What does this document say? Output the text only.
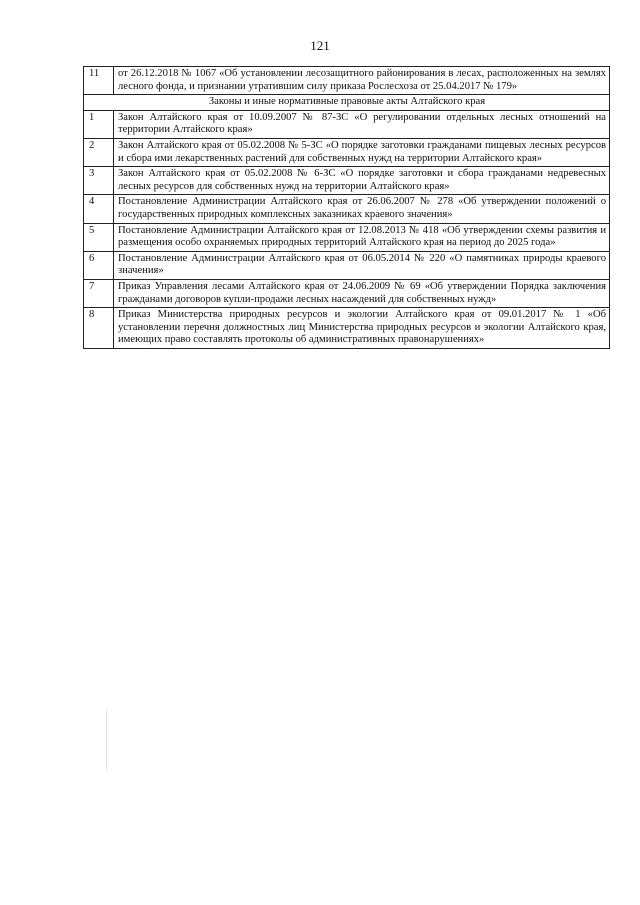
121
11	от 26.12.2018 № 1067 «Об установлении лесозащитного районирования в лесах, расположенных на землях лесного фонда, и признании утратившим силу приказа Рослесхоза от 25.04.2017 № 179»
Законы и иные нормативные правовые акты Алтайского края	
1	Закон Алтайского края от 10.09.2007 № 87-ЗС «О регулировании отдельных лесных отношений на территории Алтайского края»
2	Закон Алтайского края от 05.02.2008 № 5-ЗС «О порядке заготовки гражданами пищевых лесных ресурсов и сбора ими лекарственных растений для собственных нужд на территории Алтайского края»
3	Закон Алтайского края от 05.02.2008 № 6-ЗС «О порядке заготовки и сбора гражданами недревесных лесных ресурсов для собственных нужд на территории Алтайского края»
4	Постановление Администрации Алтайского края от 26.06.2007 № 278 «Об утверждении положений о государственных природных комплексных заказниках краевого значения»
5	Постановление Администрации Алтайского края от 12.08.2013 № 418 «Об утверждении схемы развития и размещения особо охраняемых природных территорий Алтайского края на период до 2025 года»
6	Постановление Администрации Алтайского края от 06.05.2014 № 220 «О памятниках природы краевого значения»
7	Приказ Управления лесами Алтайского края от 24.06.2009 № 69 «Об утверждении Порядка заключения гражданами договоров купли-продажи лесных насаждений для собственных нужд»
8	Приказ Министерства природных ресурсов и экологии Алтайского края от 09.01.2017 № 1 «Об установлении перечня должностных лиц Министерства природных ресурсов и экологии Алтайского края, имеющих право составлять протоколы об административных правонарушениях»
